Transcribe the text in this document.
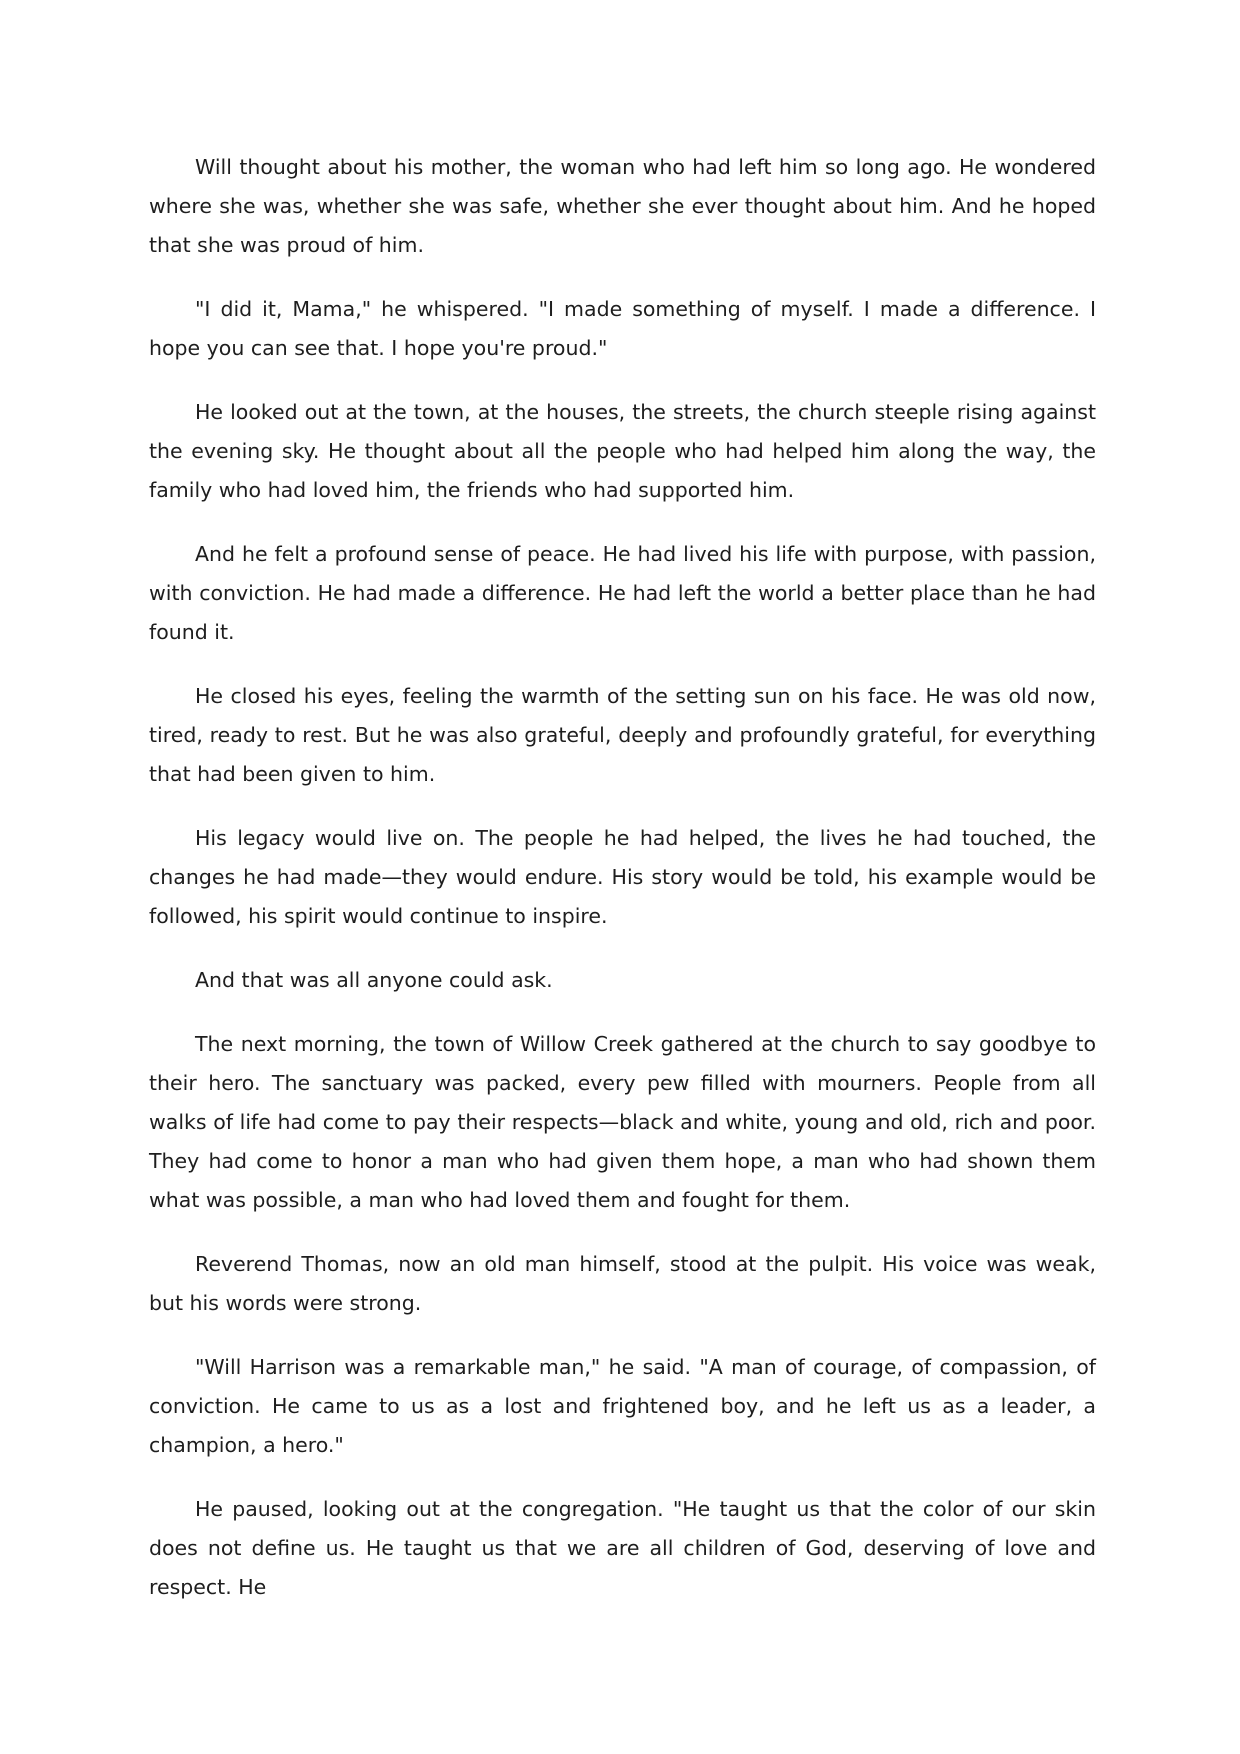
Will thought about his mother, the woman who had left him so long ago. He wondered where she was, whether she was safe, whether she ever thought about him. And he hoped that she was proud of him.

"I did it, Mama," he whispered. "I made something of myself. I made a difference. I hope you can see that. I hope you're proud."

He looked out at the town, at the houses, the streets, the church steeple rising against the evening sky. He thought about all the people who had helped him along the way, the family who had loved him, the friends who had supported him.

And he felt a profound sense of peace. He had lived his life with purpose, with passion, with conviction. He had made a difference. He had left the world a better place than he had found it.

He closed his eyes, feeling the warmth of the setting sun on his face. He was old now, tired, ready to rest. But he was also grateful, deeply and profoundly grateful, for everything that had been given to him.

His legacy would live on. The people he had helped, the lives he had touched, the changes he had made—they would endure. His story would be told, his example would be followed, his spirit would continue to inspire.

And that was all anyone could ask.

The next morning, the town of Willow Creek gathered at the church to say goodbye to their hero. The sanctuary was packed, every pew filled with mourners. People from all walks of life had come to pay their respects—black and white, young and old, rich and poor. They had come to honor a man who had given them hope, a man who had shown them what was possible, a man who had loved them and fought for them.

Reverend Thomas, now an old man himself, stood at the pulpit. His voice was weak, but his words were strong.

"Will Harrison was a remarkable man," he said. "A man of courage, of compassion, of conviction. He came to us as a lost and frightened boy, and he left us as a leader, a champion, a hero."

He paused, looking out at the congregation. "He taught us that the color of our skin does not define us. He taught us that we are all children of God, deserving of love and respect. He
